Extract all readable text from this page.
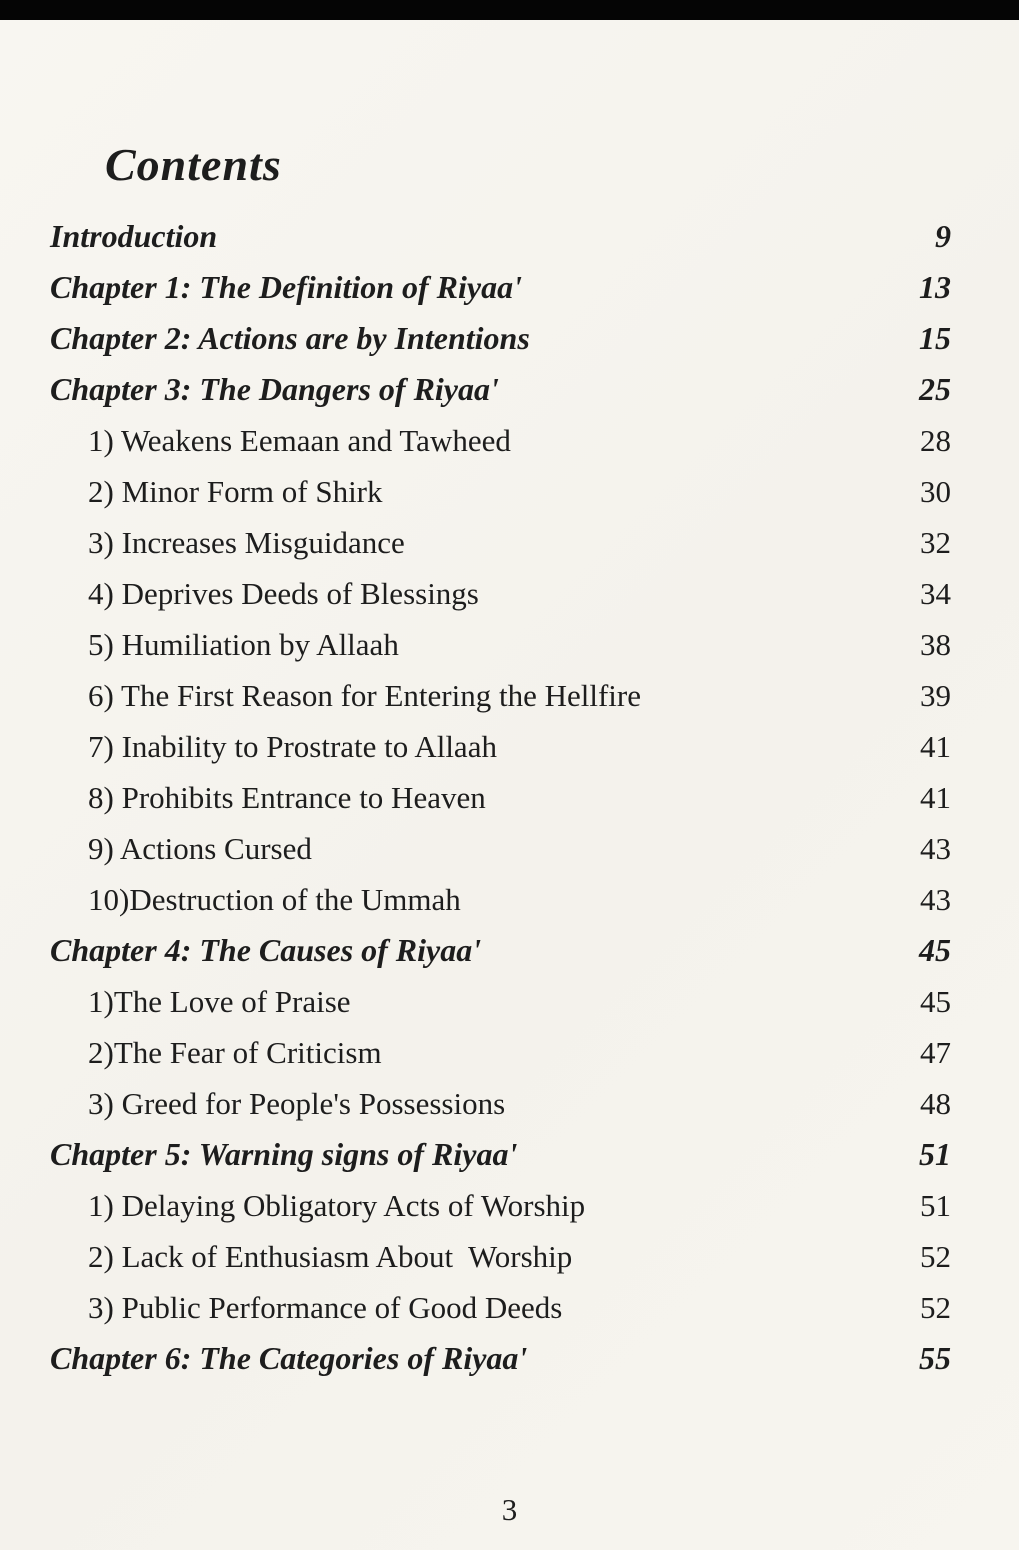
Contents
Introduction	9
Chapter 1: The Definition of Riyaa'	13
Chapter 2: Actions are by Intentions	15
Chapter 3: The Dangers of Riyaa'	25
1) Weakens Eemaan and Tawheed	28
2) Minor Form of Shirk	30
3) Increases Misguidance	32
4) Deprives Deeds of Blessings	34
5) Humiliation by Allaah	38
6) The First Reason for Entering the Hellfire	39
7) Inability to Prostrate to Allaah	41
8) Prohibits Entrance to Heaven	41
9) Actions Cursed	43
10)Destruction of the Ummah	43
Chapter 4: The Causes of Riyaa'	45
1)The Love of Praise	45
2)The Fear of Criticism	47
3) Greed for People's Possessions	48
Chapter 5: Warning signs of Riyaa'	51
1) Delaying Obligatory Acts of Worship	51
2) Lack of Enthusiasm About  Worship	52
3) Public Performance of Good Deeds	52
Chapter 6: The Categories of Riyaa'	55
3
